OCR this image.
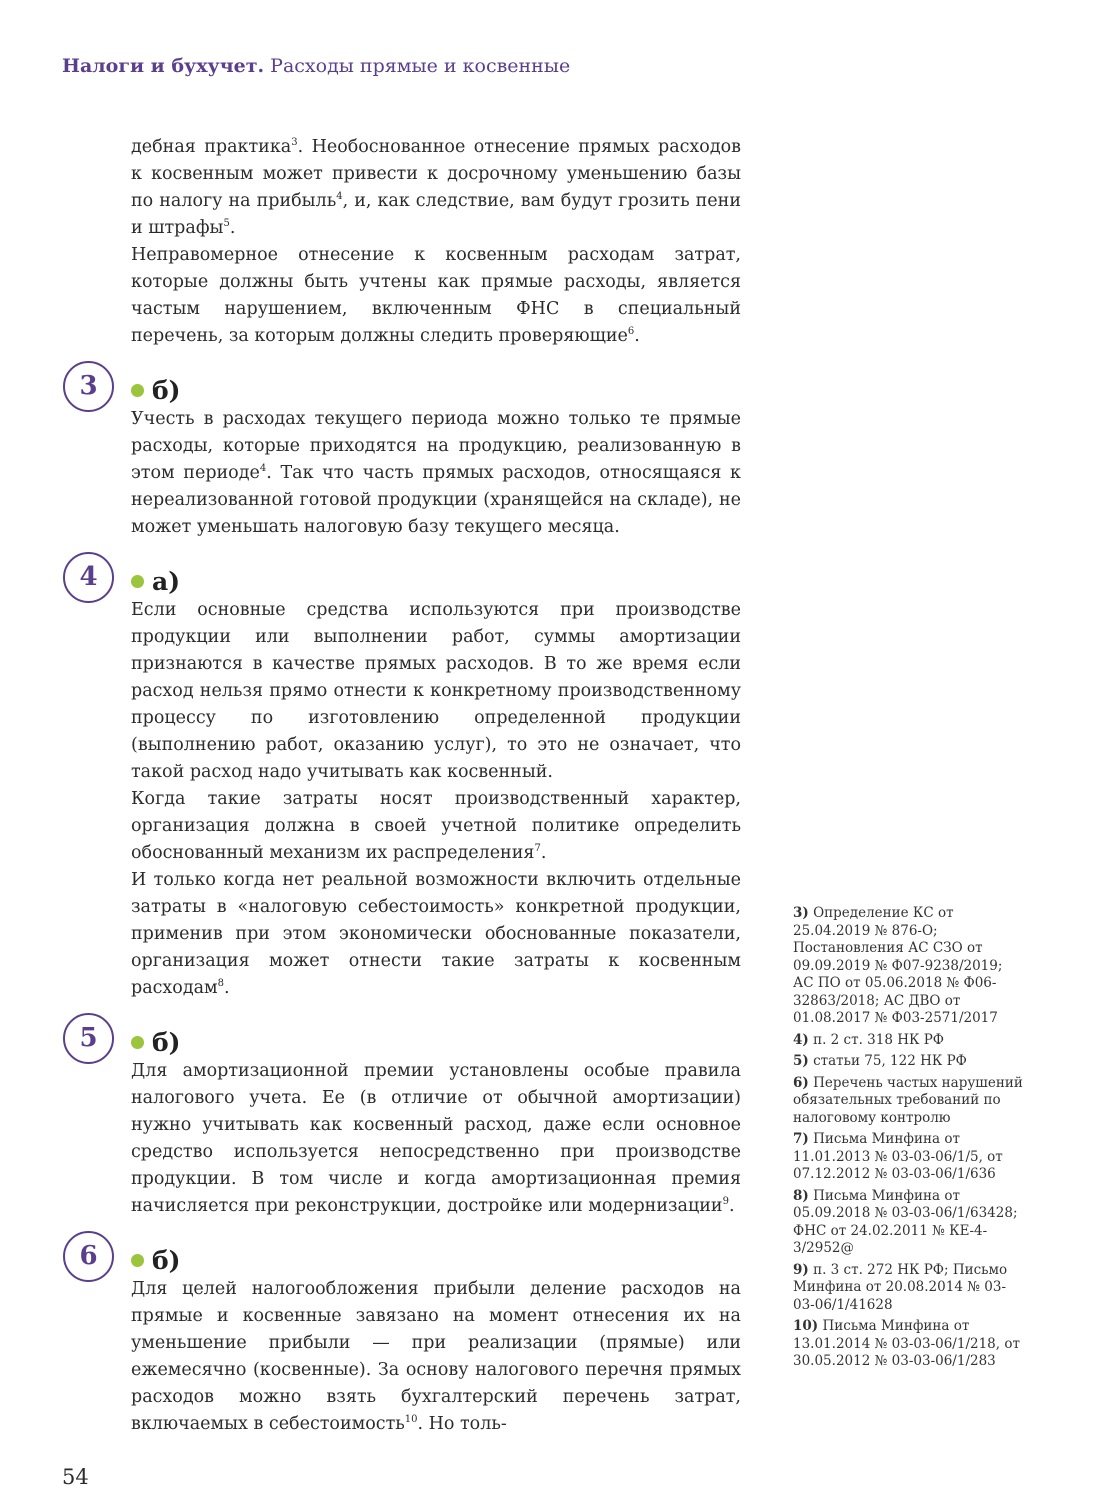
Налоги и бухучет. Расходы прямые и косвенные

дебная практика$^3$. Необоснованное отнесение прямых расходов к косвенным может привести к досрочному уменьшению базы по налогу на прибыль$^4$, и, как следствие, вам будут грозить пени и штрафы$^5$.

Неправомерное отнесение к косвенным расходам затрат, которые должны быть учтены как прямые расходы, является частым нарушением, включенным ФНС в специальный перечень, за которым должны следить проверяющие$^6$.

3	б)

Учесть в расходах текущего периода можно только те прямые расходы, которые приходятся на продукцию, реализованную в этом периоде$^4$. Так что часть прямых расходов, относящаяся к нереализованной готовой продукции (хранящейся на складе), не может уменьшать налоговую базу текущего месяца.

4	а)

Если основные средства используются при производстве продукции или выполнении работ, суммы амортизации признаются в качестве прямых расходов. В то же время если расход нельзя прямо отнести к конкретному производственному процессу по изготовлению определенной продукции (выполнению работ, оказанию услуг), то это не означает, что такой расход надо учитывать как косвенный.

Когда такие затраты носят производственный характер, организация должна в своей учетной политике определить обоснованный механизм их распределения$^7$.

И только когда нет реальной возможности включить отдельные затраты в «налоговую себестоимость» конкретной продукции, применив при этом экономически обоснованные показатели, организация может отнести такие затраты к косвенным расходам$^8$.

5	б)

Для амортизационной премии установлены особые правила налогового учета. Ее (в отличие от обычной амортизации) нужно учитывать как косвенный расход, даже если основное средство используется непосредственно при производстве продукции. В том числе и когда амортизационная премия начисляется при реконструкции, достройке или модернизации$^9$.

6	б)

Для целей налогообложения прибыли деление расходов на прямые и косвенные завязано на момент отнесения их на уменьшение прибыли — при реализации (прямые) или ежемесячно (косвенные). За основу налогового перечня прямых расходов можно взять бухгалтерский перечень затрат, включаемых в себестоимость$^{10}$. Но толь-

3) Определение КС от 25.04.2019 № 876-О; Постановления АС СЗО от 09.09.2019 № Ф07-9238/2019; АС ПО от 05.06.2018 № Ф06-32863/2018; АС ДВО от 01.08.2017 № Ф03-2571/2017
4) п. 2 ст. 318 НК РФ
5) статьи 75, 122 НК РФ
6) Перечень частых нарушений обязательных требований по налоговому контролю
7) Письма Минфина от 11.01.2013 № 03-03-06/1/5, от 07.12.2012 № 03-03-06/1/636
8) Письма Минфина от 05.09.2018 № 03-03-06/1/63428; ФНС от 24.02.2011 № КЕ-4-3/2952@
9) п. 3 ст. 272 НК РФ; Письмо Минфина от 20.08.2014 № 03-03-06/1/41628
10) Письма Минфина от 13.01.2014 № 03-03-06/1/218, от 30.05.2012 № 03-03-06/1/283
54
